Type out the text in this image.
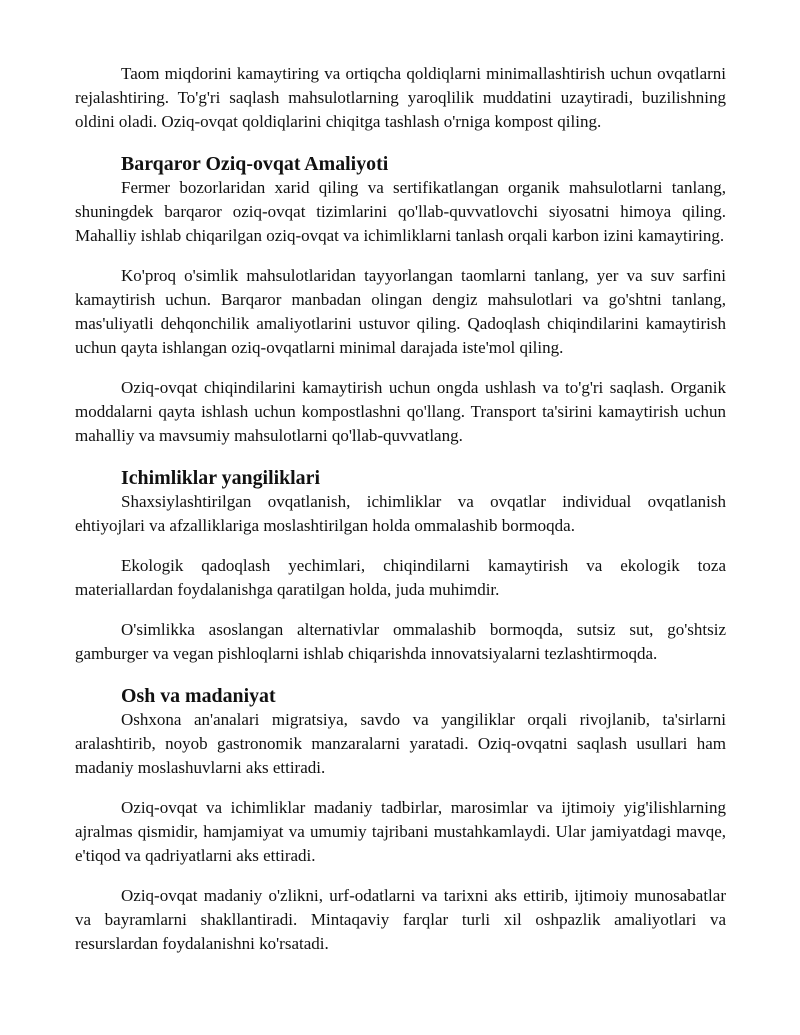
Taom miqdorini kamaytiring va ortiqcha qoldiqlarni minimallashtirish uchun ovqatlarni rejalashtiring. To'g'ri saqlash mahsulotlarning yaroqlilik muddatini uzaytiradi, buzilishning oldini oladi. Oziq-ovqat qoldiqlarini chiqitga tashlash o'rniga kompost qiling.

Barqaror Oziq-ovqat Amaliyoti

Fermer bozorlaridan xarid qiling va sertifikatlangan organik mahsulotlarni tanlang, shuningdek barqaror oziq-ovqat tizimlarini qo'llab-quvvatlovchi siyosatni himoya qiling. Mahalliy ishlab chiqarilgan oziq-ovqat va ichimliklarni tanlash orqali karbon izini kamaytiring.

Ko'proq o'simlik mahsulotlaridan tayyorlangan taomlarni tanlang, yer va suv sarfini kamaytirish uchun. Barqaror manbadan olingan dengiz mahsulotlari va go'shtni tanlang, mas'uliyatli dehqonchilik amaliyotlarini ustuvor qiling. Qadoqlash chiqindilarini kamaytirish uchun qayta ishlangan oziq-ovqatlarni minimal darajada iste'mol qiling.

Oziq-ovqat chiqindilarini kamaytirish uchun ongda ushlash va to'g'ri saqlash. Organik moddalarni qayta ishlash uchun kompostlashni qo'llang. Transport ta'sirini kamaytirish uchun mahalliy va mavsumiy mahsulotlarni qo'llab-quvvatlang.

Ichimliklar yangiliklari

Shaxsiylashtirilgan ovqatlanish, ichimliklar va ovqatlar individual ovqatlanish ehtiyojlari va afzalliklariga moslashtirilgan holda ommalashib bormoqda.

Ekologik qadoqlash yechimlari, chiqindilarni kamaytirish va ekologik toza materiallardan foydalanishga qaratilgan holda, juda muhimdir.

O'simlikka asoslangan alternativlar ommalashib bormoqda, sutsiz sut, go'shtsiz gamburger va vegan pishloqlarni ishlab chiqarishda innovatsiyalarni tezlashtirmoqda.

Osh va madaniyat

Oshxona an'analari migratsiya, savdo va yangiliklar orqali rivojlanib, ta'sirlarni aralashtirib, noyob gastronomik manzaralarni yaratadi. Oziq-ovqatni saqlash usullari ham madaniy moslashuvlarni aks ettiradi.

Oziq-ovqat va ichimliklar madaniy tadbirlar, marosimlar va ijtimoiy yig'ilishlarning ajralmas qismidir, hamjamiyat va umumiy tajribani mustahkamlaydi. Ular jamiyatdagi mavqe, e'tiqod va qadriyatlarni aks ettiradi.

Oziq-ovqat madaniy o'zlikni, urf-odatlarni va tarixni aks ettirib, ijtimoiy munosabatlar va bayramlarni shakllantiradi. Mintaqaviy farqlar turli xil oshpazlik amaliyotlari va resurslardan foydalanishni ko'rsatadi.
